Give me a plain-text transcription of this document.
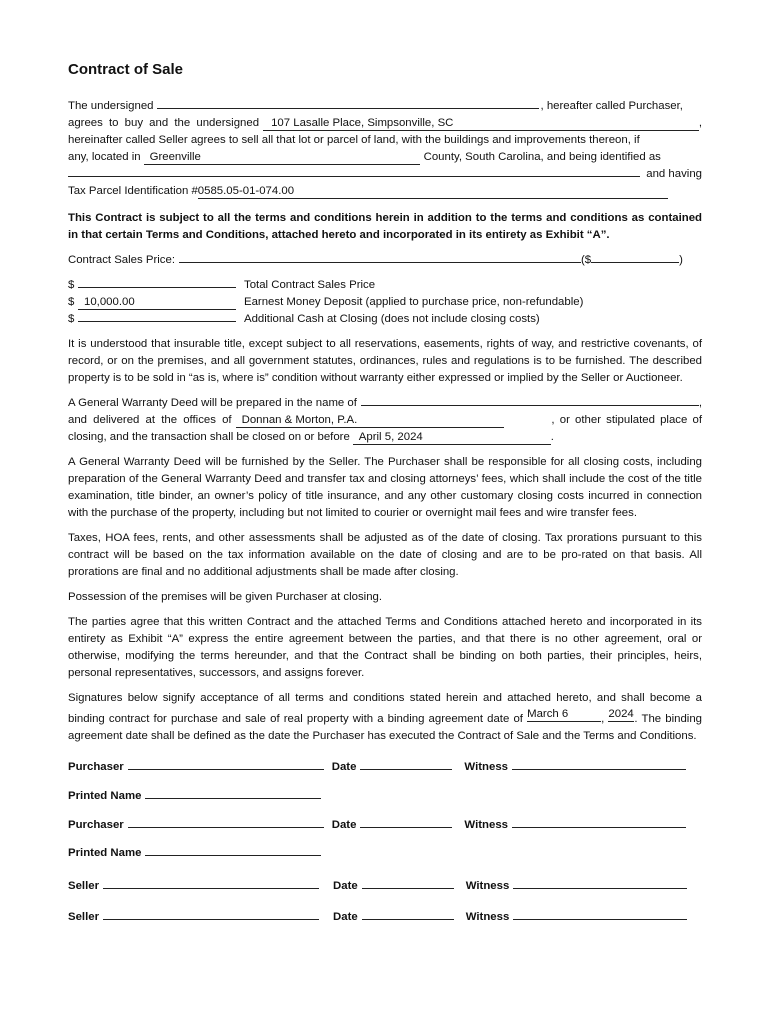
Contract of Sale
The undersigned	, hereafter called Purchaser,
agrees to buy and the undersigned	107 Lasalle Place, Simpsonville, SC	,
hereinafter called Seller agrees to sell all that lot or parcel of land, with the buildings and improvements thereon, if
any, located in Greenville	County, South Carolina, and being identified as
and having
Tax Parcel Identification # 0585.05-01-074.00

This Contract is subject to all the terms and conditions herein in addition to the terms and conditions as contained in that certain Terms and Conditions, attached hereto and incorporated in its entirety as Exhibit “A”.

Contract Sales Price:	($	)
$	Total Contract Sales Price
$ 10,000.00	Earnest Money Deposit (applied to purchase price, non-refundable)
$	Additional Cash at Closing (does not include closing costs)

It is understood that insurable title, except subject to all reservations, easements, rights of way, and restrictive covenants, of record, or on the premises, and all government statutes, ordinances, rules and regulations is to be furnished. The described property is to be sold in “as is, where is” condition without warranty either expressed or implied by the Seller or Auctioneer.

A General Warranty Deed will be prepared in the name of	,
and delivered at the offices of Donnan & Morton, P.A.	, or other stipulated place of
closing, and the transaction shall be closed on or before April 5, 2024	.

A General Warranty Deed will be furnished by the Seller. The Purchaser shall be responsible for all closing costs, including preparation of the General Warranty Deed and transfer tax and closing attorneys’ fees, which shall include the cost of the title examination, title binder, an owner’s policy of title insurance, and any other customary closing costs incurred in connection with the purchase of the property, including but not limited to courier or overnight mail fees and wire transfer fees.

Taxes, HOA fees, rents, and other assessments shall be adjusted as of the date of closing. Tax prorations pursuant to this contract will be based on the tax information available on the date of closing and are to be pro-rated on that basis. All prorations are final and no additional adjustments shall be made after closing.

Possession of the premises will be given Purchaser at closing.

The parties agree that this written Contract and the attached Terms and Conditions attached hereto and incorporated in its entirety as Exhibit “A” express the entire agreement between the parties, and that there is no other agreement, oral or otherwise, modifying the terms hereunder, and that the Contract shall be binding on both parties, their principles, heirs, personal representatives, successors, and assigns forever.

Signatures below signify acceptance of all terms and conditions stated herein and attached hereto, and shall become a binding contract for purchase and sale of real property with a binding agreement date of March 6	, 2024. The binding agreement date shall be defined as the date the Purchaser has executed the Contract of Sale and the Terms and Conditions.

Purchaser	Date	Witness
Printed Name
Purchaser	Date	Witness
Printed Name
Seller	Date	Witness
Seller	Date	Witness
